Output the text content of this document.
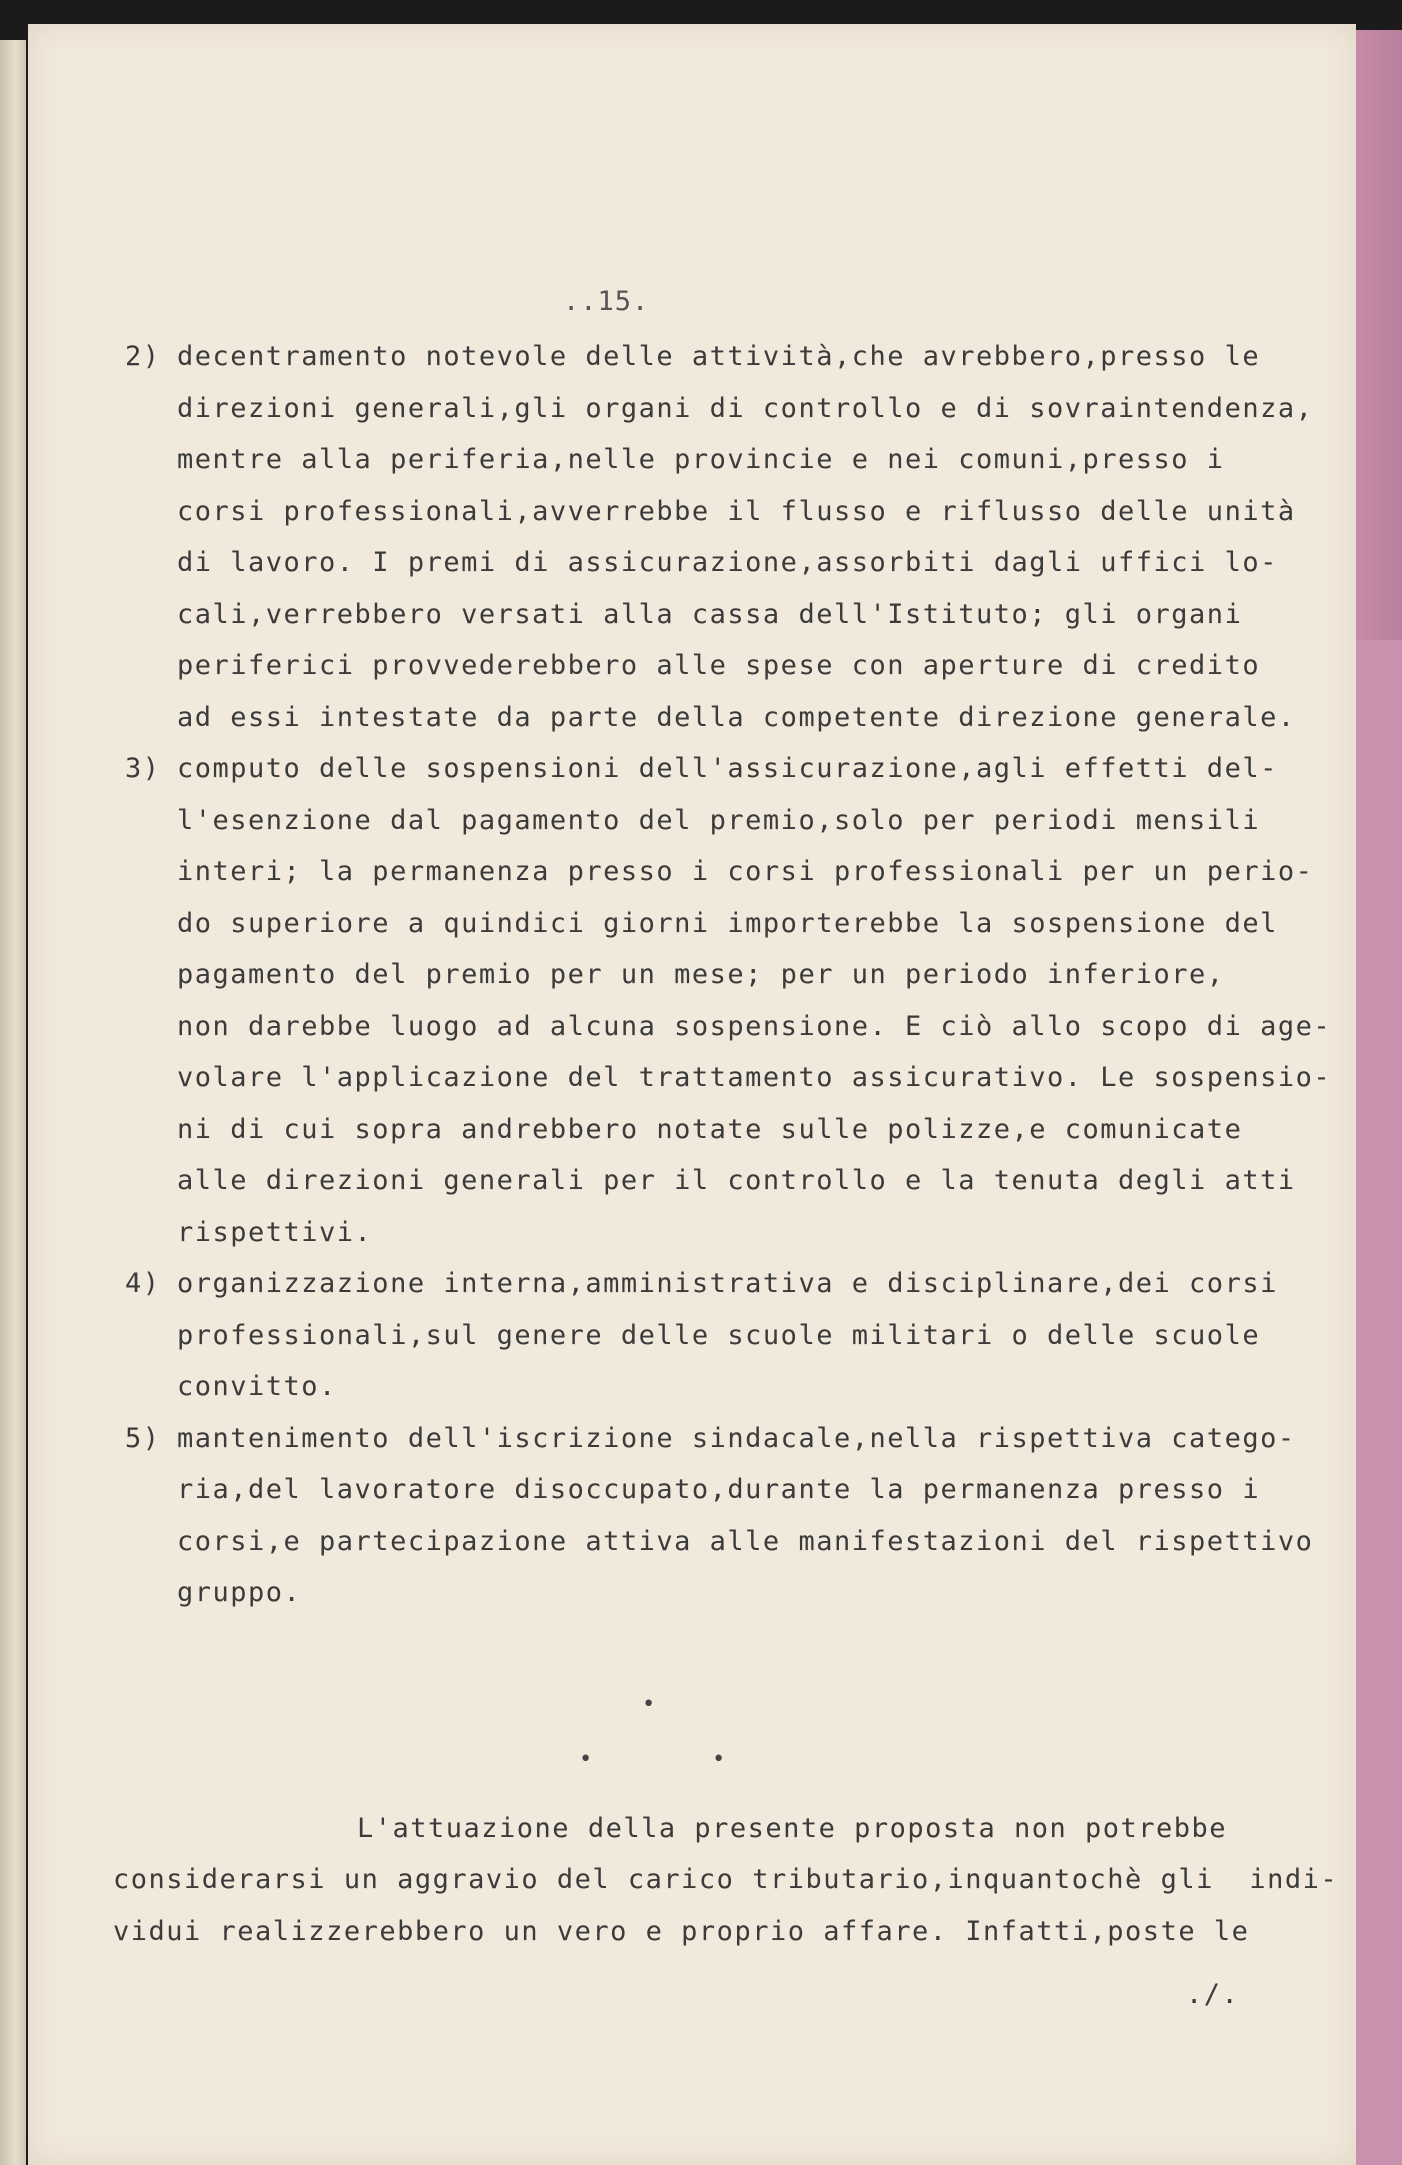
..15.

2)

decentramento notevole delle attività,che avrebbero,presso le

direzioni generali,gli organi di controllo e di sovraintendenza,

mentre alla periferia,nelle provincie e nei comuni,presso i

corsi professionali,avverrebbe il flusso e riflusso delle unità

di lavoro. I premi di assicurazione,assorbiti dagli uffici lo-

cali,verrebbero versati alla cassa dell'Istituto; gli organi

periferici provvederebbero alle spese con aperture di credito

ad essi intestate da parte della competente direzione generale.

3)

computo delle sospensioni dell'assicurazione,agli effetti del-

l'esenzione dal pagamento del premio,solo per periodi mensili

interi; la permanenza presso i corsi professionali per un perio-

do superiore a quindici giorni importerebbe la sospensione del

pagamento del premio per un mese; per un periodo inferiore,

non darebbe luogo ad alcuna sospensione. E ciò allo scopo di age-

volare l'applicazione del trattamento assicurativo. Le sospensio-

ni di cui sopra andrebbero notate sulle polizze,e comunicate

alle direzioni generali per il controllo e la tenuta degli atti

rispettivi.

4)

organizzazione interna,amministrativa e disciplinare,dei corsi

professionali,sul genere delle scuole militari o delle scuole

convitto.

5)

mantenimento dell'iscrizione sindacale,nella rispettiva catego-

ria,del lavoratore disoccupato,durante la permanenza presso i

corsi,e partecipazione attiva alle manifestazioni del rispettivo

gruppo.

•

•

	•

L'attuazione della presente proposta non potrebbe

considerarsi un aggravio del carico tributario,inquantochè gli  indi-

vidui realizzerebbero un vero e proprio affare. Infatti,poste le

./.
